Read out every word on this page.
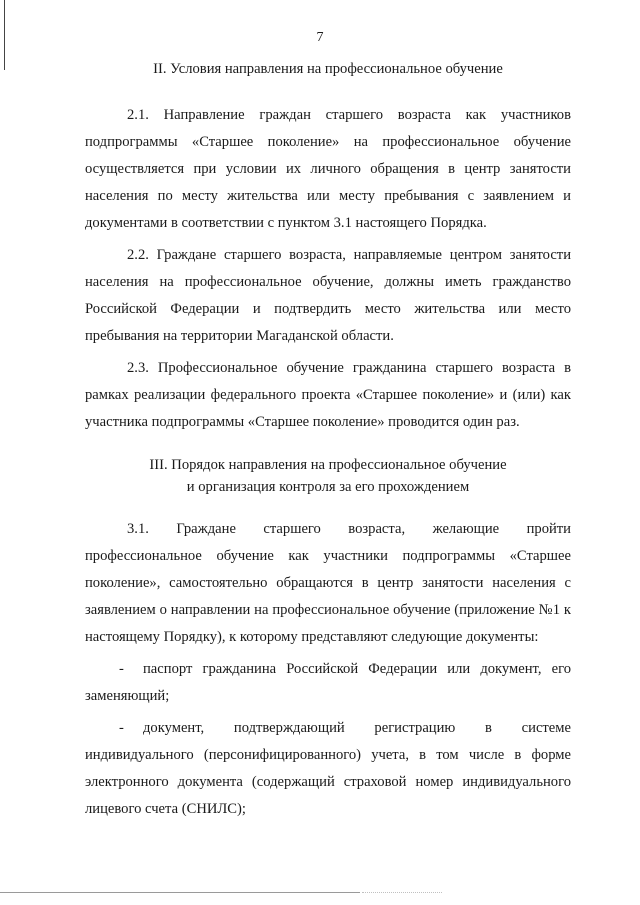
7
II. Условия направления на профессиональное обучение

2.1. Направление граждан старшего возраста как участников подпрограммы «Старшее поколение» на профессиональное обучение осуществляется при условии их личного обращения в центр занятости населения по месту жительства или месту пребывания с заявлением и документами в соответствии с пунктом 3.1 настоящего Порядка.

2.2. Граждане старшего возраста, направляемые центром занятости населения на профессиональное обучение, должны иметь гражданство Российской Федерации и подтвердить место жительства или место пребывания на территории Магаданской области.

2.3. Профессиональное обучение гражданина старшего возраста в рамках реализации федерального проекта «Старшее поколение» и (или) как участника подпрограммы «Старшее поколение» проводится один раз.

III. Порядок направления на профессиональное обучение
и организация контроля за его прохождением

3.1. Граждане старшего возраста, желающие пройти профессиональное обучение как участники подпрограммы «Старшее поколение», самостоятельно обращаются в центр занятости населения с заявлением о направлении на профессиональное обучение (приложение №1 к настоящему Порядку), к которому представляют следующие документы:

- паспорт гражданина Российской Федерации или документ, его заменяющий;

- документ, подтверждающий регистрацию в системе индивидуального (персонифицированного) учета, в том числе в форме электронного документа (содержащий страховой номер индивидуального лицевого счета (СНИЛС);
